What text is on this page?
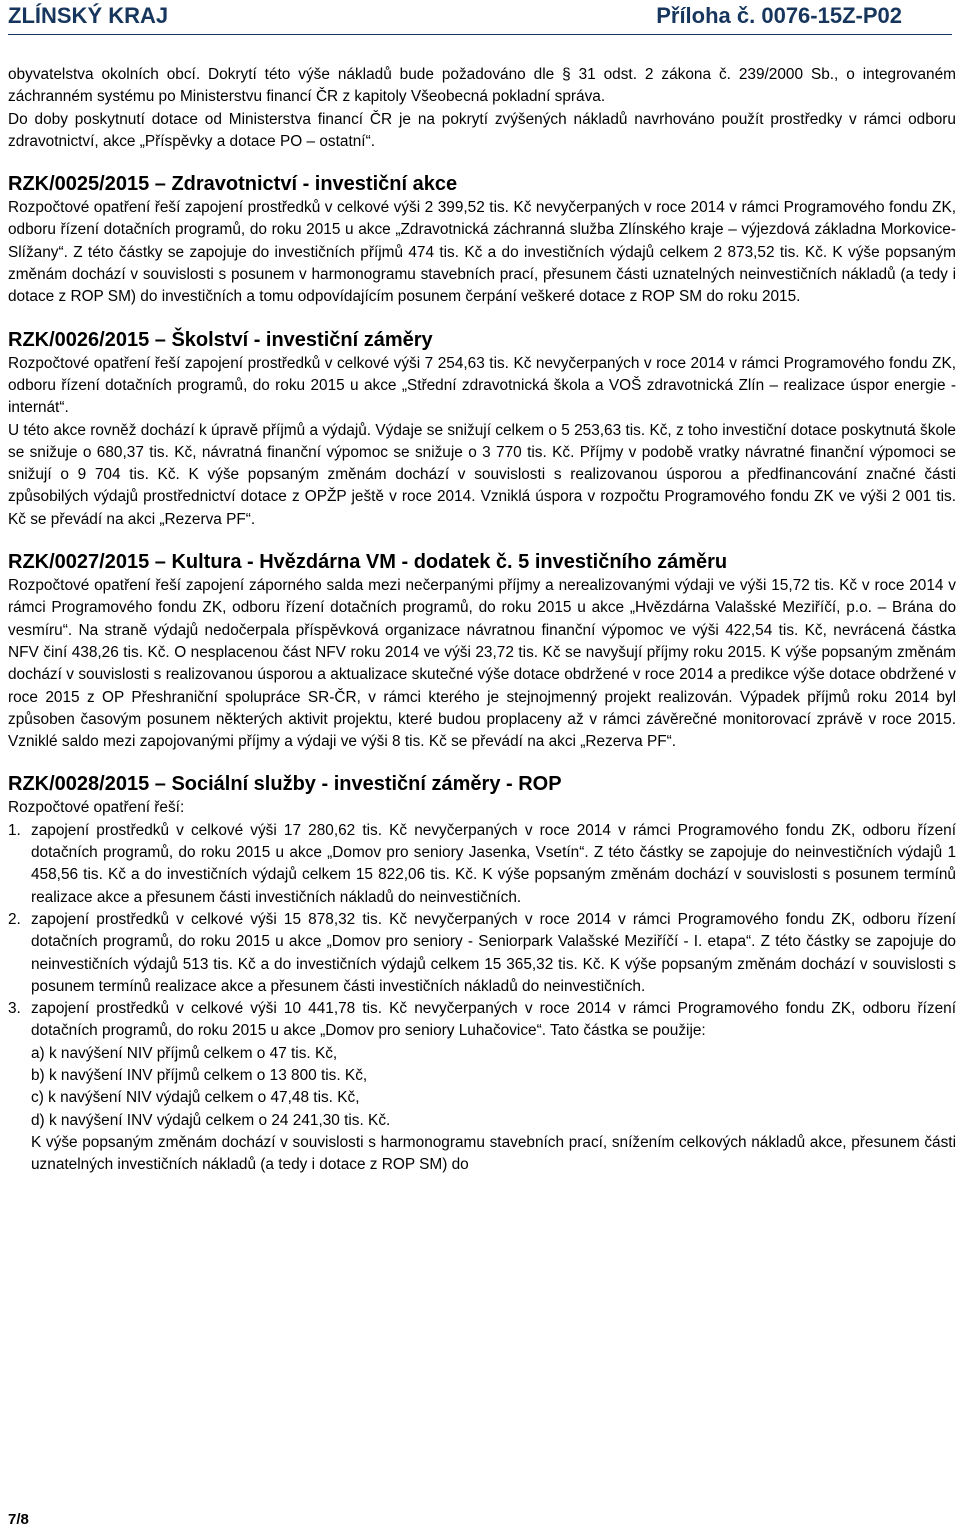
ZLÍNSKÝ KRAJ	Příloha č. 0076-15Z-P02

obyvatelstva okolních obcí. Dokrytí této výše nákladů bude požadováno dle § 31 odst. 2 zákona č. 239/2000 Sb., o integrovaném záchranném systému po Ministerstvu financí ČR z kapitoly Všeobecná pokladní správa.

Do doby poskytnutí dotace od Ministerstva financí ČR je na pokrytí zvýšených nákladů navrhováno použít prostředky v rámci odboru zdravotnictví, akce „Příspěvky a dotace PO – ostatní“.

RZK/0025/2015 – Zdravotnictví - investiční akce

Rozpočtové opatření řeší zapojení prostředků v celkové výši 2 399,52 tis. Kč nevyčerpaných v roce 2014 v rámci Programového fondu ZK, odboru řízení dotačních programů, do roku 2015 u akce „Zdravotnická záchranná služba Zlínského kraje – výjezdová základna Morkovice-Slížany“. Z této částky se zapojuje do investičních příjmů 474 tis. Kč a do investičních výdajů celkem 2 873,52 tis. Kč. K výše popsaným změnám dochází v souvislosti s posunem v harmonogramu stavebních prací, přesunem části uznatelných neinvestičních nákladů (a tedy i dotace z ROP SM) do investičních a tomu odpovídajícím posunem čerpání veškeré dotace z ROP SM do roku 2015.

RZK/0026/2015 – Školství - investiční záměry

Rozpočtové opatření řeší zapojení prostředků v celkové výši 7 254,63 tis. Kč nevyčerpaných v roce 2014 v rámci Programového fondu ZK, odboru řízení dotačních programů, do roku 2015 u akce „Střední zdravotnická škola a VOŠ zdravotnická Zlín – realizace úspor energie - internát“.

U této akce rovněž dochází k úpravě příjmů a výdajů. Výdaje se snižují celkem o 5 253,63 tis. Kč, z toho investiční dotace poskytnutá škole se snižuje o 680,37 tis. Kč, návratná finanční výpomoc se snižuje o 3 770 tis. Kč. Příjmy v podobě vratky návratné finanční výpomoci se snižují o 9 704 tis. Kč. K výše popsaným změnám dochází v souvislosti s realizovanou úsporou a předfinancování značné části způsobilých výdajů prostřednictví dotace z OPŽP ještě v roce 2014. Vzniklá úspora v rozpočtu Programového fondu ZK ve výši 2 001 tis. Kč se převádí na akci „Rezerva PF“.

RZK/0027/2015 – Kultura - Hvězdárna VM - dodatek č. 5 investičního záměru

Rozpočtové opatření řeší zapojení záporného salda mezi nečerpanými příjmy a nerealizovanými výdaji ve výši 15,72 tis. Kč v roce 2014 v rámci Programového fondu ZK, odboru řízení dotačních programů, do roku 2015 u akce „Hvězdárna Valašské Meziříčí, p.o. – Brána do vesmíru“. Na straně výdajů nedočerpala příspěvková organizace návratnou finanční výpomoc ve výši 422,54 tis. Kč, nevrácená částka NFV činí 438,26 tis. Kč. O nesplacenou část NFV roku 2014 ve výši 23,72 tis. Kč se navyšují příjmy roku 2015. K výše popsaným změnám dochází v souvislosti s realizovanou úsporou a aktualizace skutečné výše dotace obdržené v roce 2014 a predikce výše dotace obdržené v roce 2015 z OP Přeshraniční spolupráce SR-ČR, v rámci kterého je stejnojmenný projekt realizován. Výpadek příjmů roku 2014 byl způsoben časovým posunem některých aktivit projektu, které budou proplaceny až v rámci závěrečné monitorovací zprávě v roce 2015. Vzniklé saldo mezi zapojovanými příjmy a výdaji ve výši 8 tis. Kč se převádí na akci „Rezerva PF“.

RZK/0028/2015 – Sociální služby - investiční záměry - ROP

Rozpočtové opatření řeší:

1. zapojení prostředků v celkové výši 17 280,62 tis. Kč nevyčerpaných v roce 2014 v rámci Programového fondu ZK, odboru řízení dotačních programů, do roku 2015 u akce „Domov pro seniory Jasenka, Vsetín“. Z této částky se zapojuje do neinvestičních výdajů 1 458,56 tis. Kč a do investičních výdajů celkem 15 822,06 tis. Kč. K výše popsaným změnám dochází v souvislosti s posunem termínů realizace akce a přesunem části investičních nákladů do neinvestičních.
2. zapojení prostředků v celkové výši 15 878,32 tis. Kč nevyčerpaných v roce 2014 v rámci Programového fondu ZK, odboru řízení dotačních programů, do roku 2015 u akce „Domov pro seniory - Seniorpark Valašské Meziříčí - I. etapa“. Z této částky se zapojuje do neinvestičních výdajů 513 tis. Kč a do investičních výdajů celkem 15 365,32 tis. Kč. K výše popsaným změnám dochází v souvislosti s posunem termínů realizace akce a přesunem části investičních nákladů do neinvestičních.
3. zapojení prostředků v celkové výši 10 441,78 tis. Kč nevyčerpaných v roce 2014 v rámci Programového fondu ZK, odboru řízení dotačních programů, do roku 2015 u akce „Domov pro seniory Luhačovice“. Tato částka se použije:
a) k navýšení NIV příjmů celkem o 47 tis. Kč,
b) k navýšení INV příjmů celkem o 13 800 tis. Kč,
c) k navýšení NIV výdajů celkem o 47,48 tis. Kč,
d) k navýšení INV výdajů celkem o 24 241,30 tis. Kč.
K výše popsaným změnám dochází v souvislosti s harmonogramu stavebních prací, snížením celkových nákladů akce, přesunem části uznatelných investičních nákladů (a tedy i dotace z ROP SM) do
7/8
